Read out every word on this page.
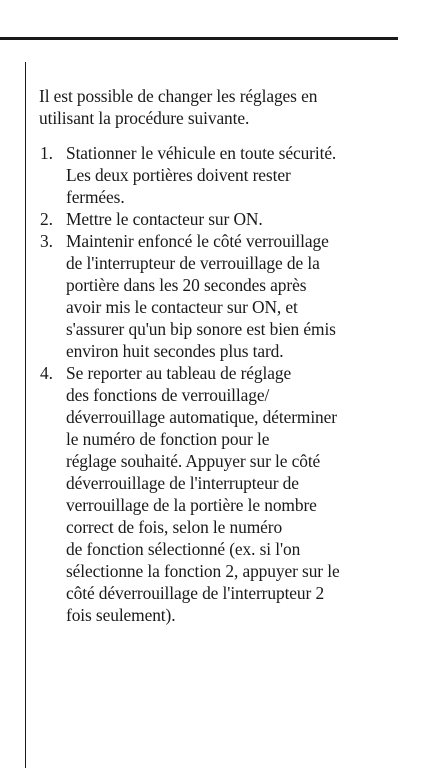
Il est possible de changer les réglages en
utilisant la procédure suivante.

1. Stationner le véhicule en toute sécurité.
Les deux portières doivent rester
fermées.
2. Mettre le contacteur sur ON.
3. Maintenir enfoncé le côté verrouillage
de l'interrupteur de verrouillage de la
portière dans les 20 secondes après
avoir mis le contacteur sur ON, et
s'assurer qu'un bip sonore est bien émis
environ huit secondes plus tard.
4. Se reporter au tableau de réglage
des fonctions de verrouillage/
déverrouillage automatique, déterminer
le numéro de fonction pour le
réglage souhaité. Appuyer sur le côté
déverrouillage de l'interrupteur de
verrouillage de la portière le nombre
correct de fois, selon le numéro
de fonction sélectionné (ex. si l'on
sélectionne la fonction 2, appuyer sur le
côté déverrouillage de l'interrupteur 2
fois seulement).
